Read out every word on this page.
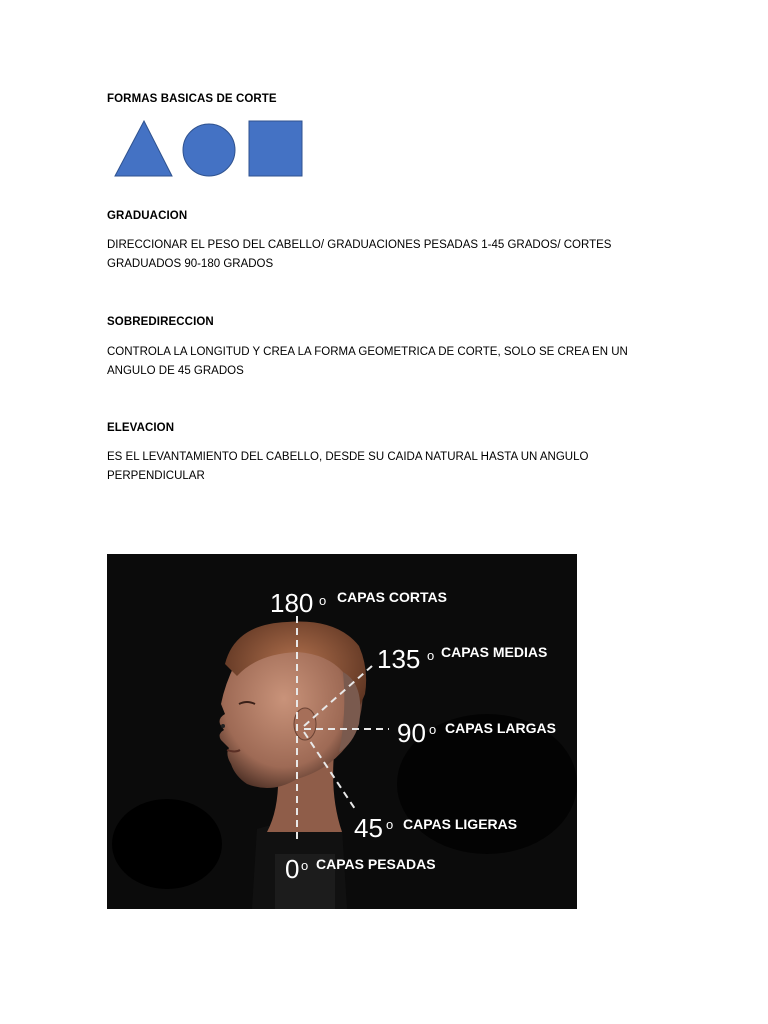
FORMAS BASICAS DE CORTE
GRADUACION
DIRECCIONAR EL PESO DEL CABELLO/ GRADUACIONES PESADAS 1-45 GRADOS/ CORTES
GRADUADOS 90-180 GRADOS
SOBREDIRECCION
CONTROLA LA LONGITUD Y CREA LA FORMA GEOMETRICA DE CORTE, SOLO SE CREA EN UN
ANGULO DE 45 GRADOS
ELEVACION
ES EL LEVANTAMIENTO DEL CABELLO, DESDE SU CAIDA NATURAL HASTA UN ANGULO
PERPENDICULAR
180 o CAPAS CORTAS
135 o CAPAS MEDIAS
90 o CAPAS LARGAS
45 o CAPAS LIGERAS
0 o CAPAS PESADAS
